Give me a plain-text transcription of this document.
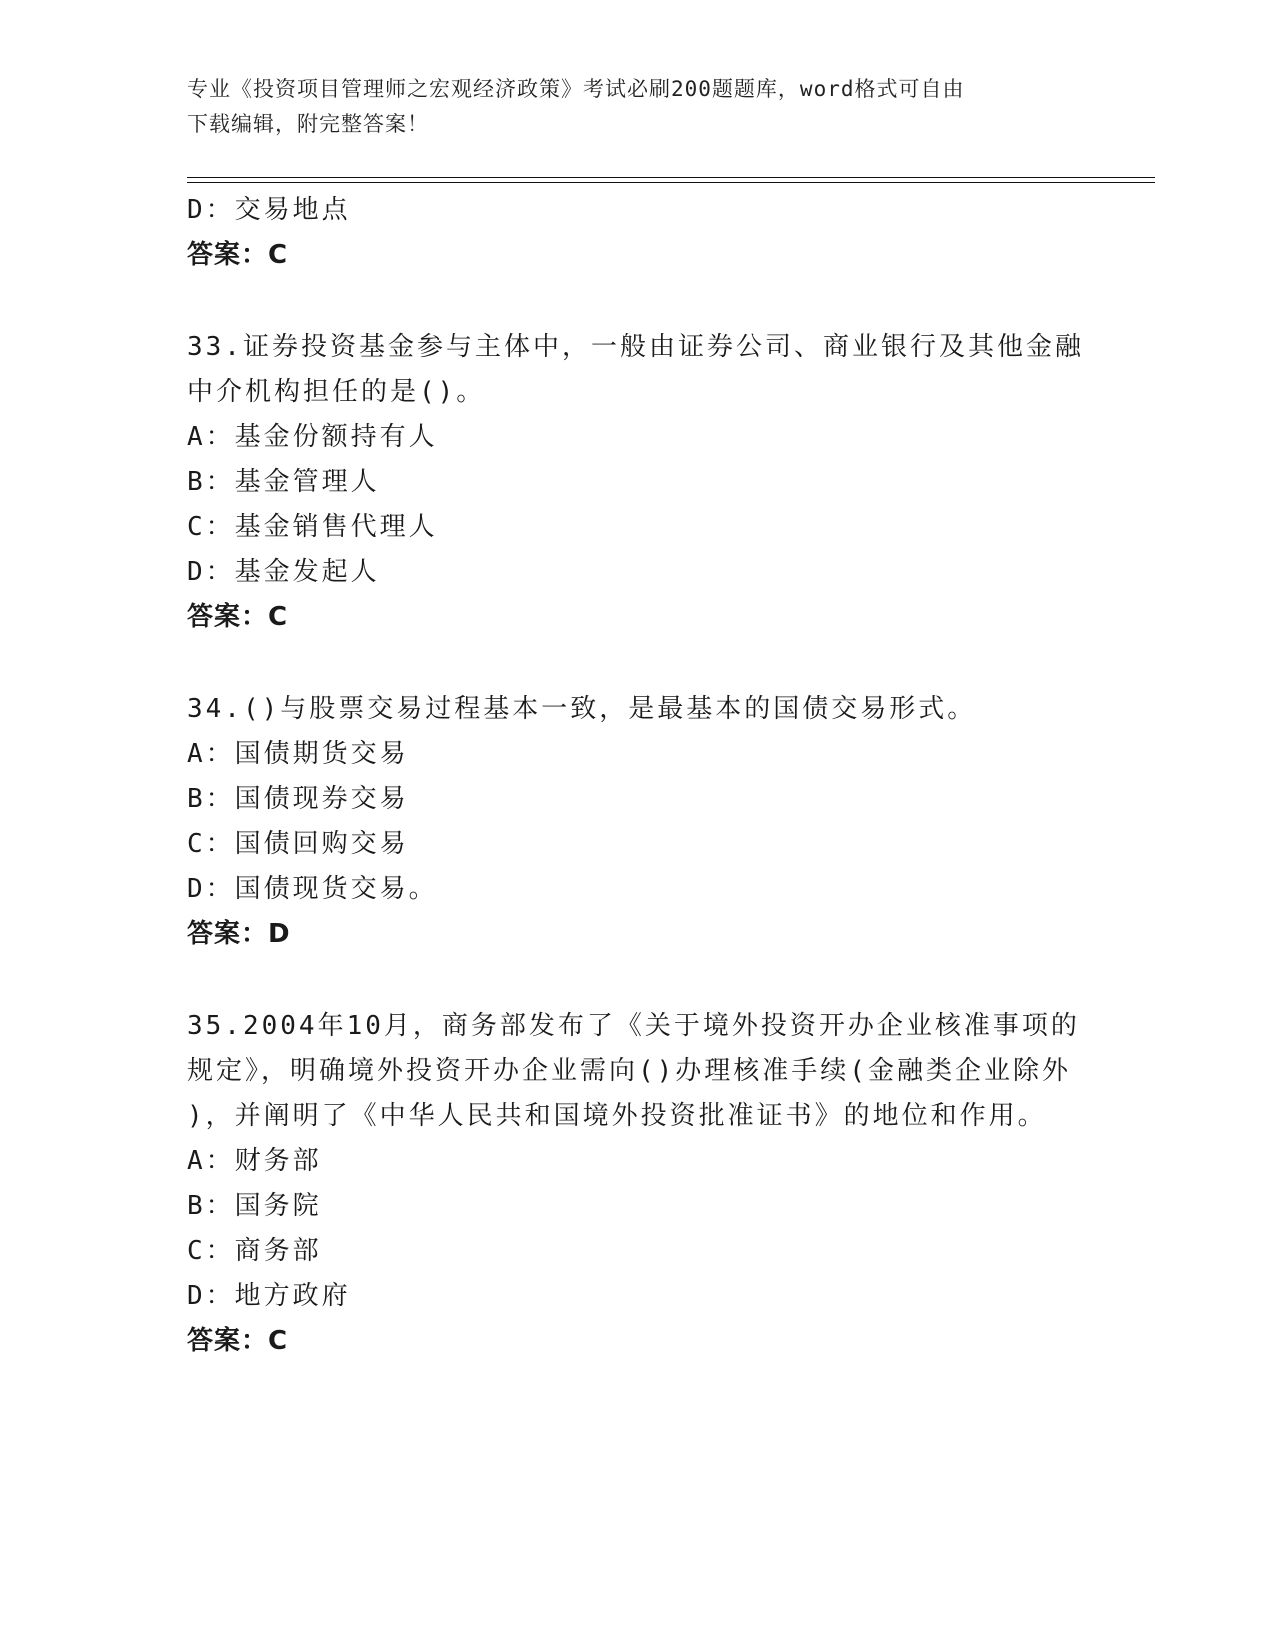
专业《投资项目管理师之宏观经济政策》考试必刷200题题库，word格式可自由
下载编辑，附完整答案！
D：交易地点
答案：C
33.证券投资基金参与主体中，一般由证券公司、商业银行及其他金融
中介机构担任的是()。
A：基金份额持有人
B：基金管理人
C：基金销售代理人
D：基金发起人
答案：C
34.()与股票交易过程基本一致，是最基本的国债交易形式。
A：国债期货交易
B：国债现券交易
C：国债回购交易
D：国债现货交易。
答案：D
35.2004年10月，商务部发布了《关于境外投资开办企业核准事项的
规定》，明确境外投资开办企业需向()办理核准手续(金融类企业除外
)，并阐明了《中华人民共和国境外投资批准证书》的地位和作用。
A：财务部
B：国务院
C：商务部
D：地方政府
答案：C
